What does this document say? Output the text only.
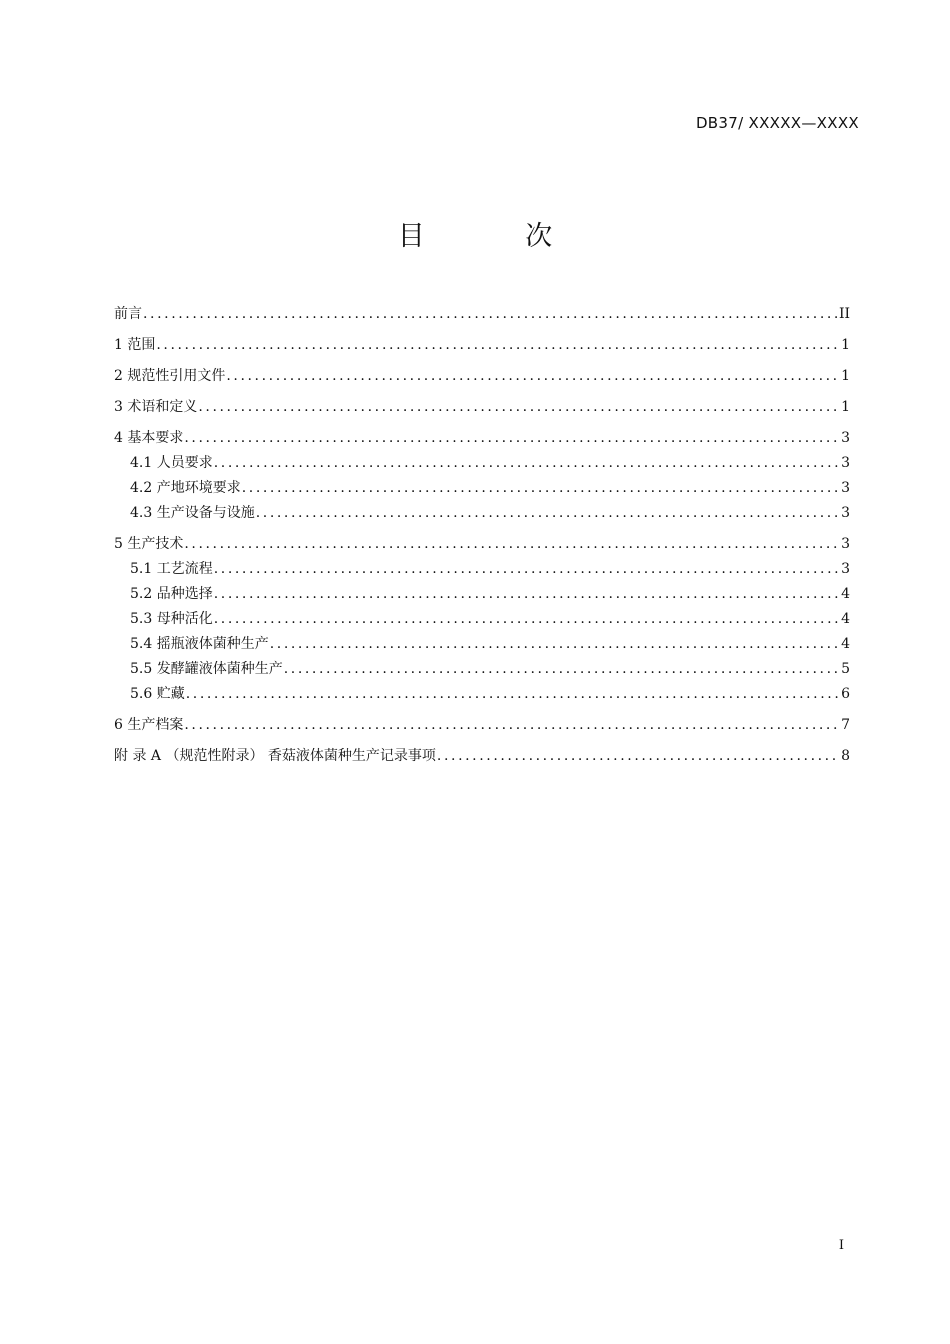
DB37/ XXXXX—XXXX
目 次
前言 .....	II
1 范围 .....	1
2 规范性引用文件 .....	1
3 术语和定义 .....	1
4 基本要求 .....	3
4.1 人员要求 .....	3
4.2 产地环境要求 .....	3
4.3 生产设备与设施 .....	3
5 生产技术 .....	3
5.1 工艺流程 .....	3
5.2 品种选择 .....	4
5.3 母种活化 .....	4
5.4 摇瓶液体菌种生产 .....	4
5.5 发酵罐液体菌种生产 .....	5
5.6 贮藏 .....	6
6 生产档案 .....	7
附 录 A （规范性附录） 香菇液体菌种生产记录事项 .....	8
I
